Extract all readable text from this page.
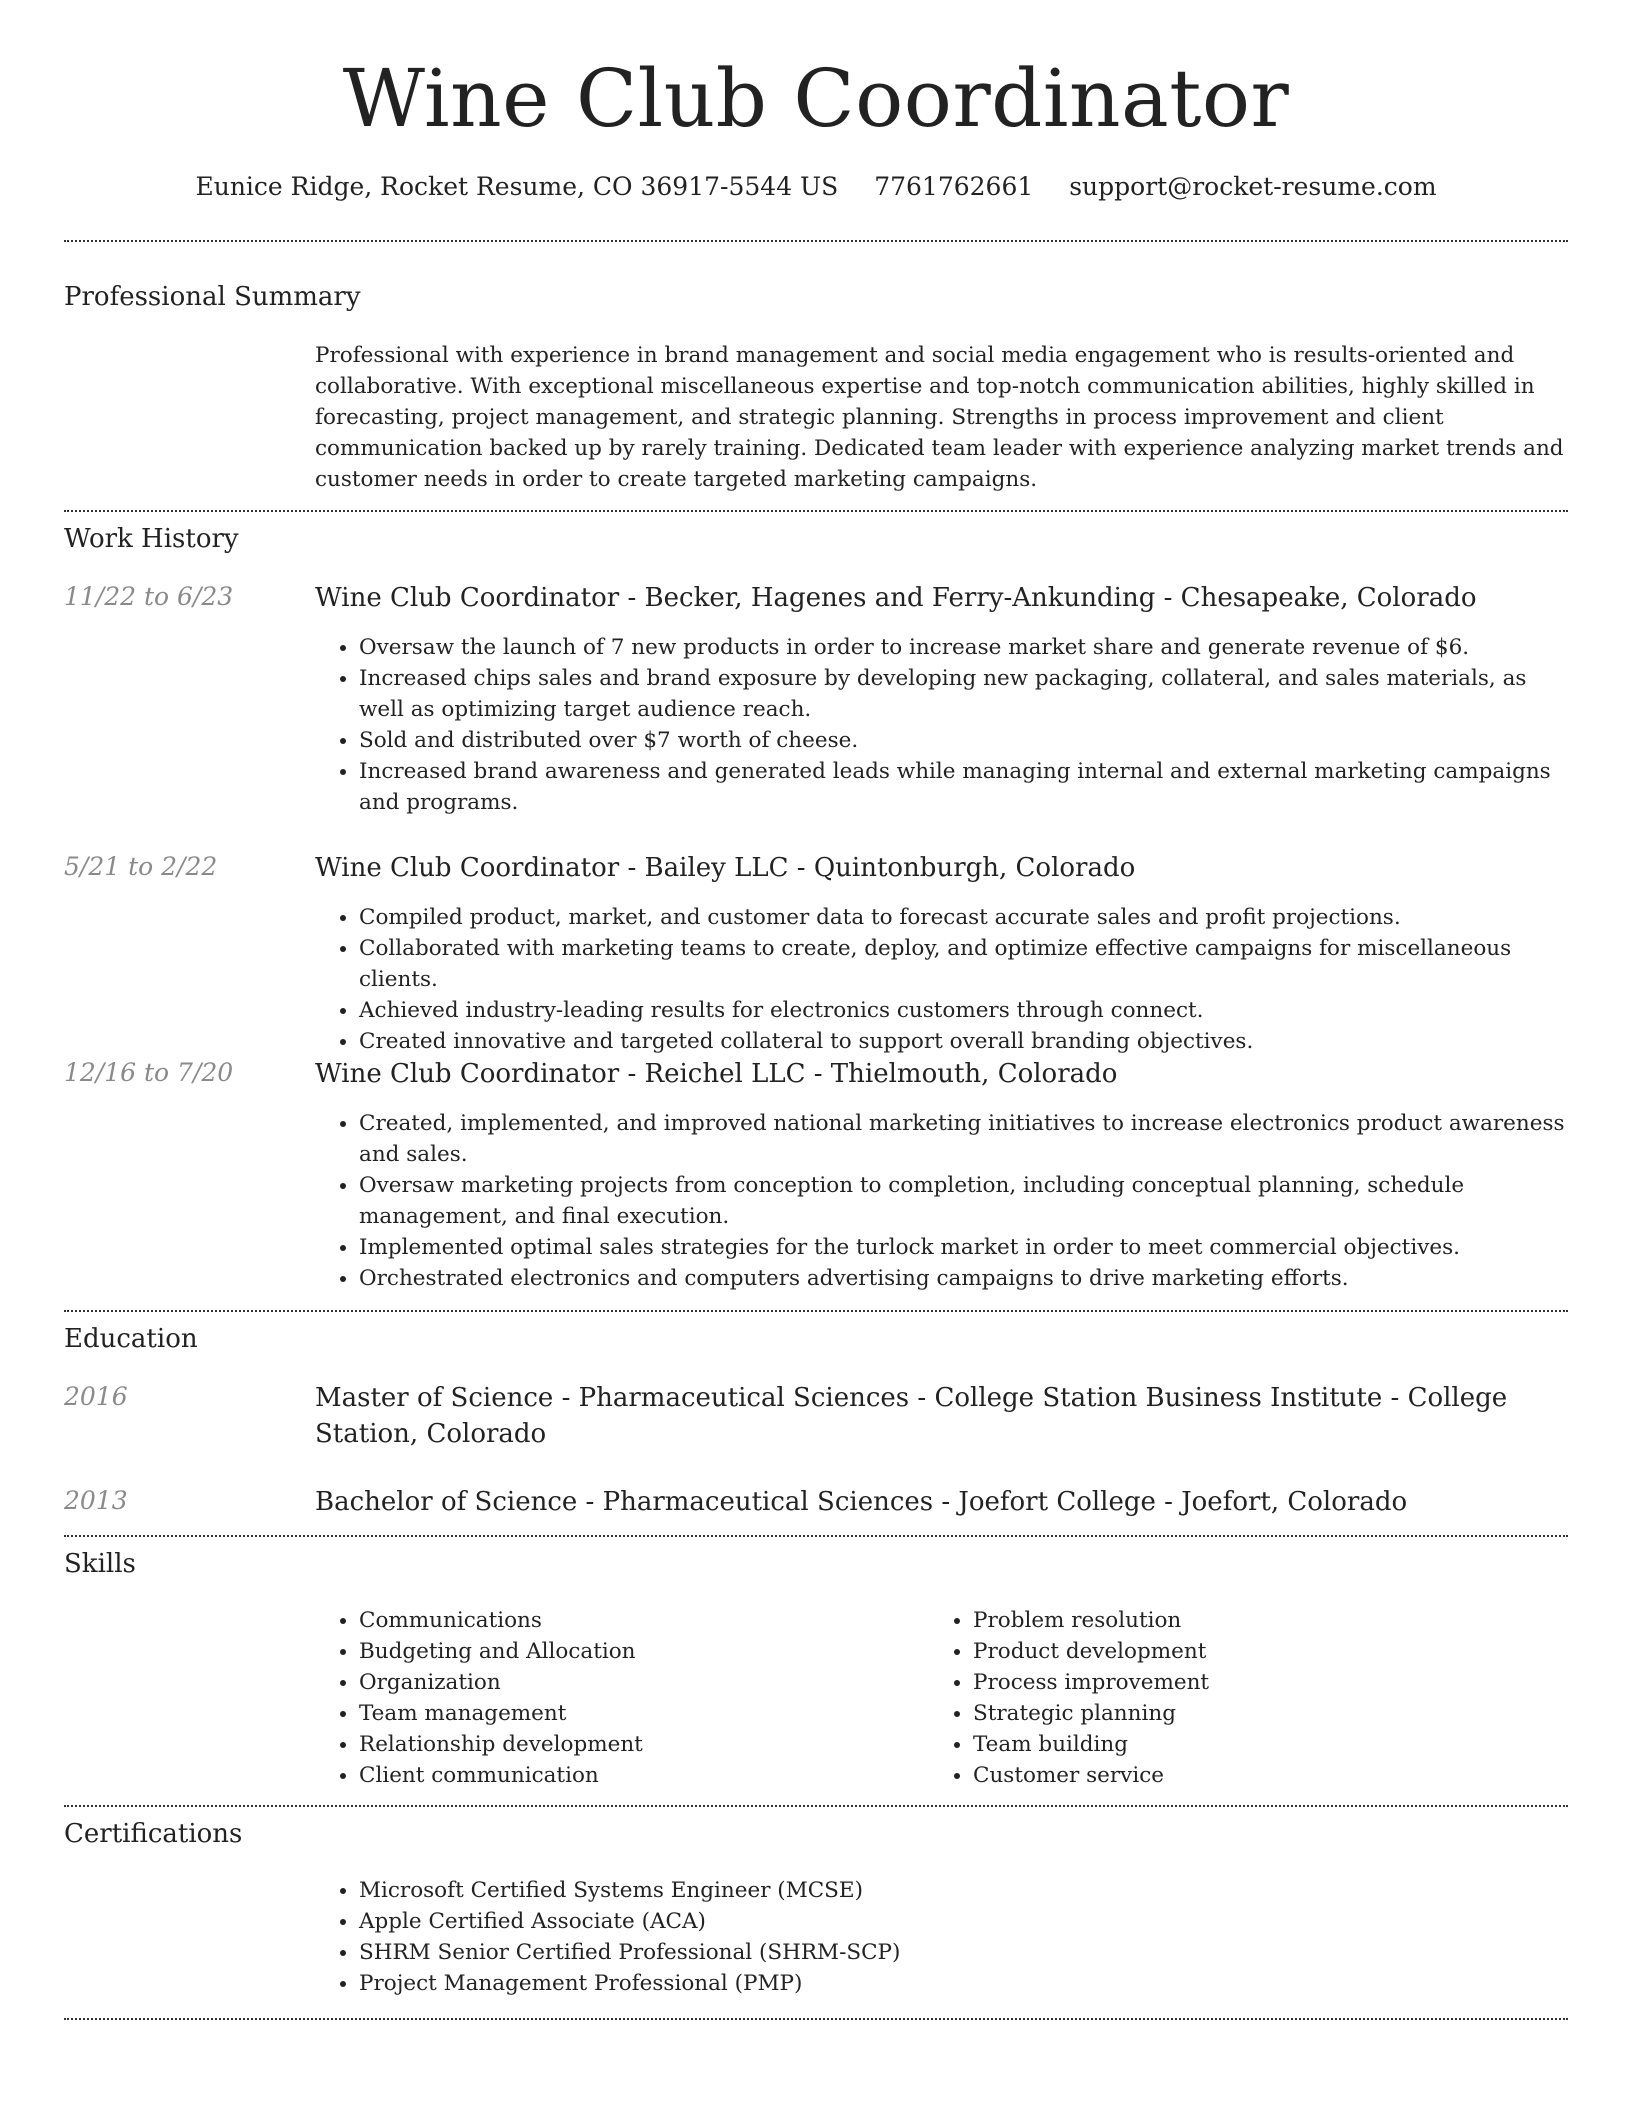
Wine Club Coordinator
Eunice Ridge, Rocket Resume, CO 36917-5544 US 7761762661 support@rocket-resume.com
Professional Summary

Professional with experience in brand management and social media engagement who is results-oriented and collaborative. With exceptional miscellaneous expertise and top-notch communication abilities, highly skilled in forecasting, project management, and strategic planning. Strengths in process improvement and client communication backed up by rarely training. Dedicated team leader with experience analyzing market trends and customer needs in order to create targeted marketing campaigns.

Work History
11/22 to 6/23	Wine Club Coordinator - Becker, Hagenes and Ferry-Ankunding - Chesapeake, Colorado
• Oversaw the launch of 7 new products in order to increase market share and generate revenue of $6.
• Increased chips sales and brand exposure by developing new packaging, collateral, and sales materials, as well as optimizing target audience reach.
• Sold and distributed over $7 worth of cheese.
• Increased brand awareness and generated leads while managing internal and external marketing campaigns and programs.
5/21 to 2/22	Wine Club Coordinator - Bailey LLC - Quintonburgh, Colorado
• Compiled product, market, and customer data to forecast accurate sales and profit projections.
• Collaborated with marketing teams to create, deploy, and optimize effective campaigns for miscellaneous clients.
• Achieved industry-leading results for electronics customers through connect.
• Created innovative and targeted collateral to support overall branding objectives.
12/16 to 7/20	Wine Club Coordinator - Reichel LLC - Thielmouth, Colorado
• Created, implemented, and improved national marketing initiatives to increase electronics product awareness and sales.
• Oversaw marketing projects from conception to completion, including conceptual planning, schedule management, and final execution.
• Implemented optimal sales strategies for the turlock market in order to meet commercial objectives.
• Orchestrated electronics and computers advertising campaigns to drive marketing efforts.
Education
2016	Master of Science - Pharmaceutical Sciences - College Station Business Institute - College Station, Colorado
2013	Bachelor of Science - Pharmaceutical Sciences - Joefort College - Joefort, Colorado
Skills
• Communications
• Budgeting and Allocation
• Organization
• Team management
• Relationship development
• Client communication
• Problem resolution
• Product development
• Process improvement
• Strategic planning
• Team building
• Customer service
Certifications
• Microsoft Certified Systems Engineer (MCSE)
• Apple Certified Associate (ACA)
• SHRM Senior Certified Professional (SHRM-SCP)
• Project Management Professional (PMP)
